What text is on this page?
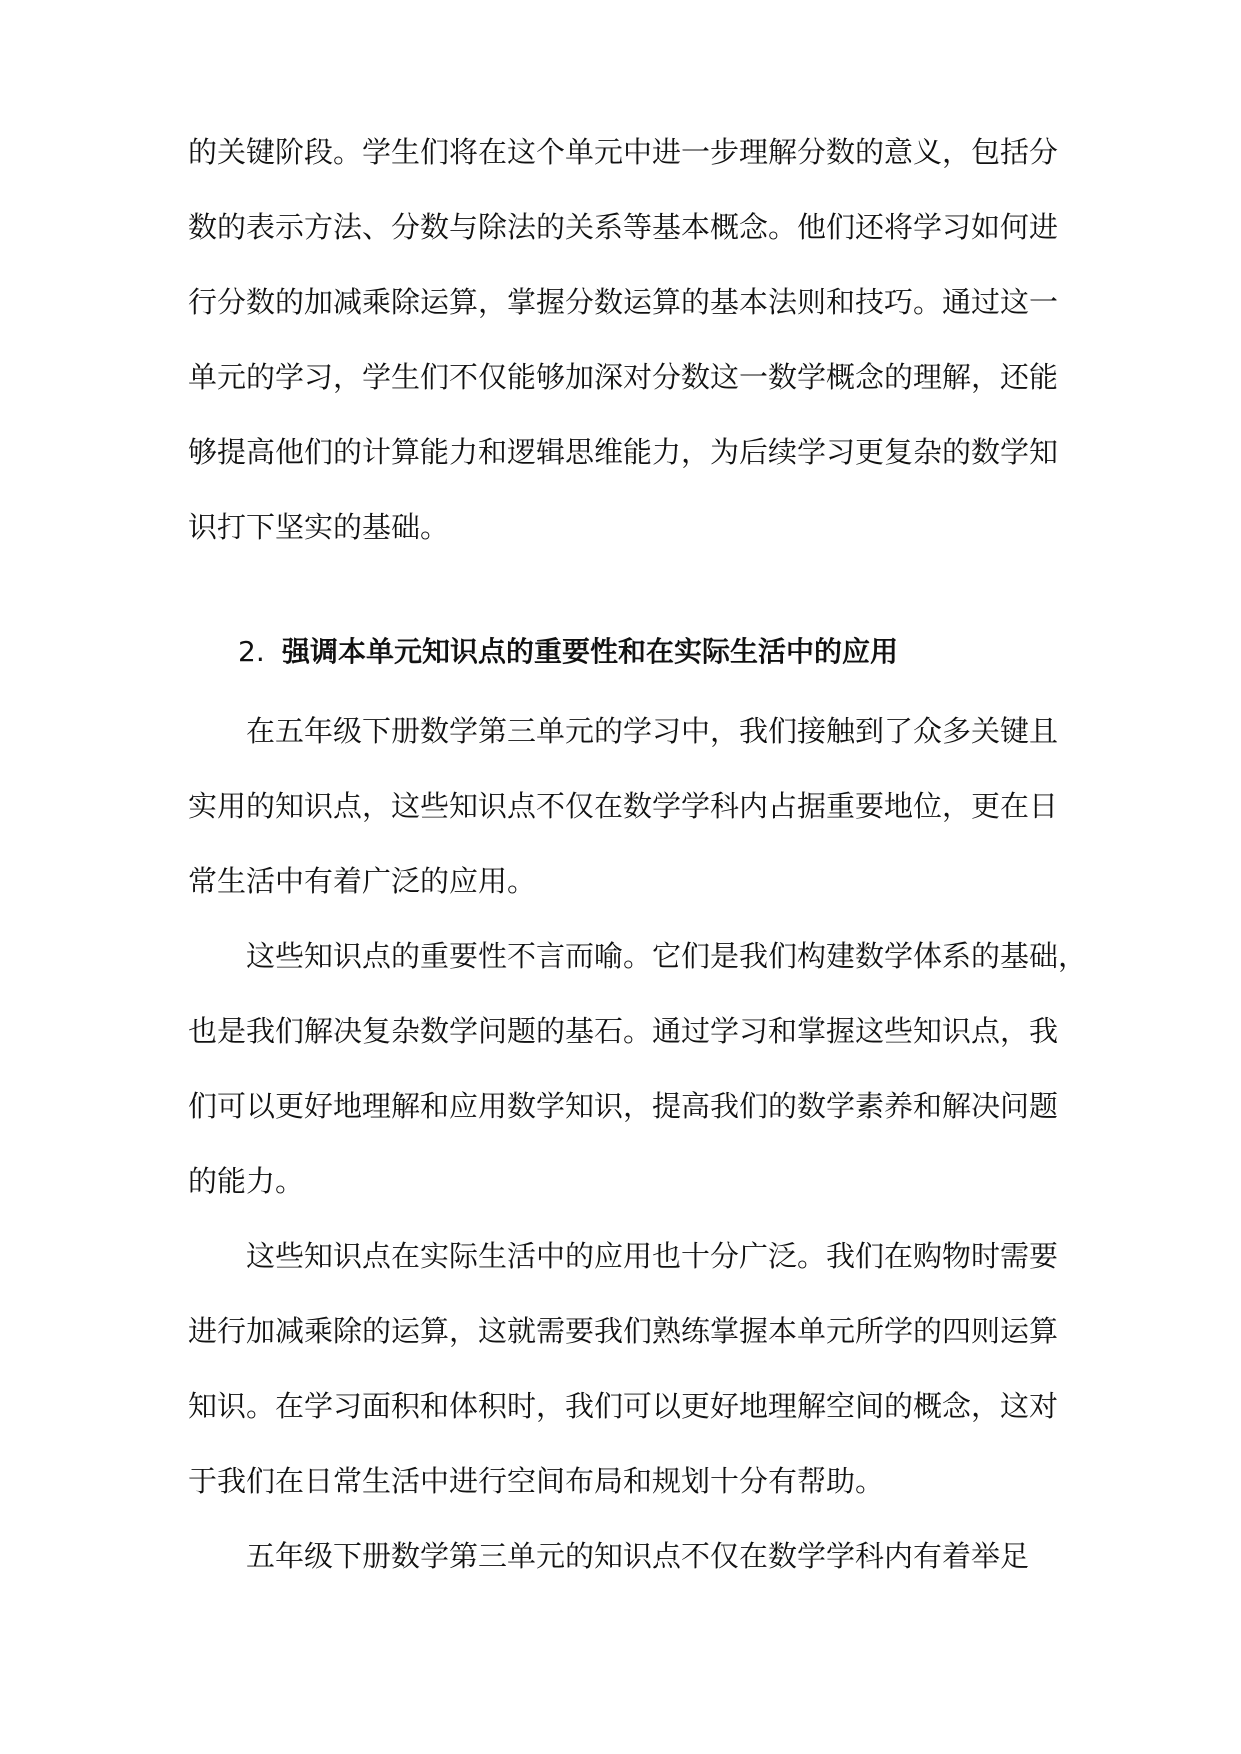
的关键阶段。学生们将在这个单元中进一步理解分数的意义，包括分
数的表示方法、分数与除法的关系等基本概念。他们还将学习如何进
行分数的加减乘除运算，掌握分数运算的基本法则和技巧。通过这一
单元的学习，学生们不仅能够加深对分数这一数学概念的理解，还能
够提高他们的计算能力和逻辑思维能力，为后续学习更复杂的数学知
识打下坚实的基础。
2. 强调本单元知识点的重要性和在实际生活中的应用
在五年级下册数学第三单元的学习中，我们接触到了众多关键且
实用的知识点，这些知识点不仅在数学学科内占据重要地位，更在日
常生活中有着广泛的应用。
这些知识点的重要性不言而喻。它们是我们构建数学体系的基础，
也是我们解决复杂数学问题的基石。通过学习和掌握这些知识点，我
们可以更好地理解和应用数学知识，提高我们的数学素养和解决问题
的能力。
这些知识点在实际生活中的应用也十分广泛。我们在购物时需要
进行加减乘除的运算，这就需要我们熟练掌握本单元所学的四则运算
知识。在学习面积和体积时，我们可以更好地理解空间的概念，这对
于我们在日常生活中进行空间布局和规划十分有帮助。
五年级下册数学第三单元的知识点不仅在数学学科内有着举足
